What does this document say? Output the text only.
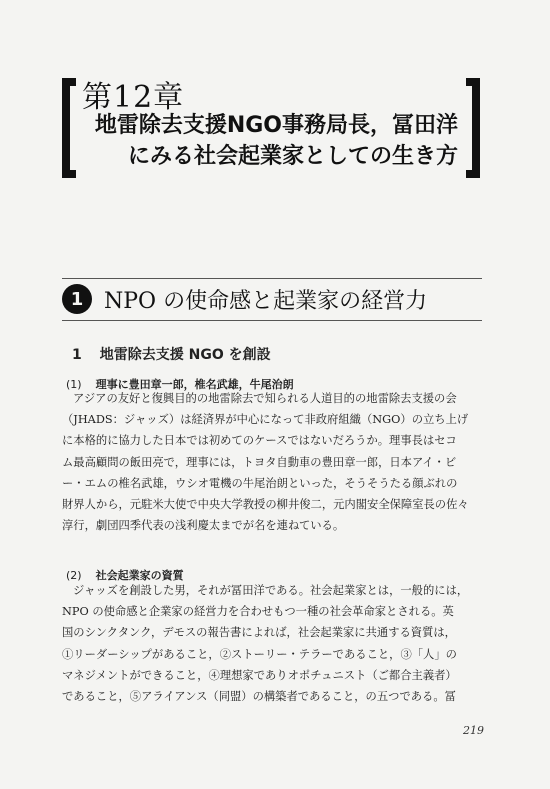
第12章
地雷除去支援NGO事務局長，冨田洋
にみる社会起業家としての生き方
1 NPO の使命感と起業家の経営力
1 地雷除去支援 NGO を創設
(1) 理事に豊田章一郎，椎名武雄，牛尾治朗
アジアの友好と復興目的の地雷除去で知られる人道目的の地雷除去支援の会
（JHADS：ジャッズ）は経済界が中心になって非政府組織（NGO）の立ち上げ
に本格的に協力した日本では初めてのケースではないだろうか。理事長はセコ
ム最高顧問の飯田亮で，理事には，トヨタ自動車の豊田章一郎，日本アイ・ビ
ー・エムの椎名武雄，ウシオ電機の牛尾治朗といった，そうそうたる顔ぶれの
財界人から，元駐米大使で中央大学教授の柳井俊二，元内閣安全保障室長の佐々
淳行，劇団四季代表の浅利慶太までが名を連ねている。
(2) 社会起業家の資質
ジャッズを創設した男，それが冨田洋である。社会起業家とは，一般的には，
NPO の使命感と企業家の経営力を合わせもつ一種の社会革命家とされる。英
国のシンクタンク，デモスの報告書によれば，社会起業家に共通する資質は，
①リーダーシップがあること，②ストーリー・テラーであること，③「人」の
マネジメントができること，④理想家でありオポチュニスト（ご都合主義者）
であること，⑤アライアンス（同盟）の構築者であること，の五つである。冨
219
